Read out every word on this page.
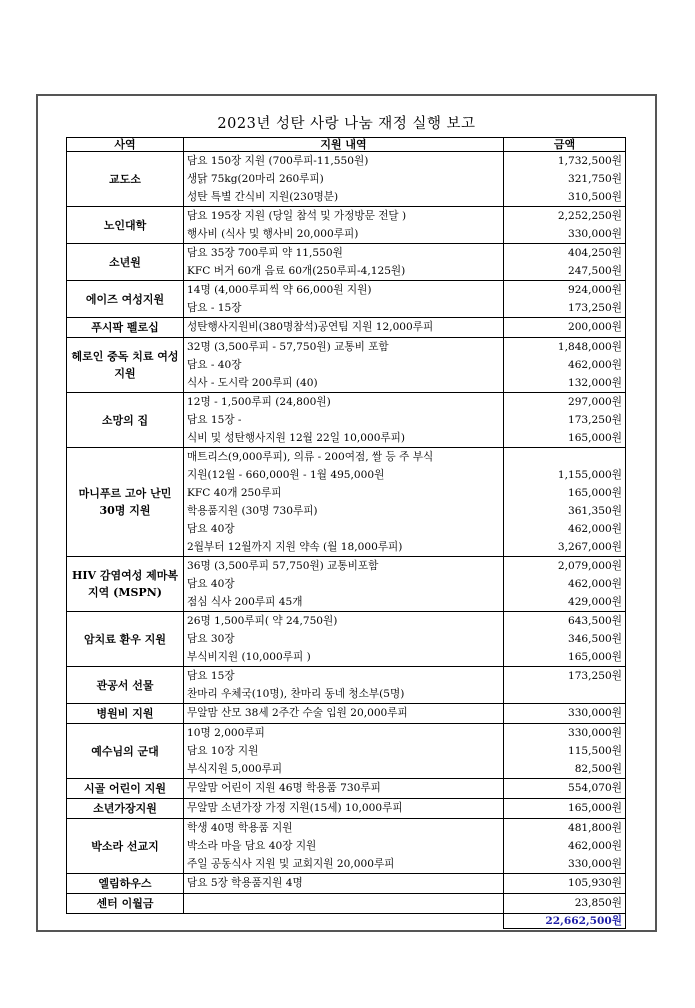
2023년 성탄 사랑 나눔 재정 실행 보고
사역	지원 내역	금액
교도소	담요 150장 지원 (700루피-11,550원)	1,732,500원
	생닭 75kg(20마리 260루피)	321,750원
	성탄 특별 간식비 지원(230명분)	310,500원
노인대학	담요 195장 지원 (당일 참석 및 가정방문 전달 )	2,252,250원
	행사비 (식사 및 행사비 20,000루피)	330,000원
소년원	담요 35장 700루피 약 11,550원	404,250원
	KFC 버거 60개 음료 60개(250루피-4,125원)	247,500원
에이즈 여성지원	14명 (4,000루피씩 약 66,000원 지원)	924,000원
	담요 - 15장	173,250원
푸시팍 펠로십	성탄행사지원비(380명참석)공연팀 지원 12,000루피	200,000원
헤로인 중독 치료 여성 지원	32명 (3,500루피 - 57,750원) 교통비 포함	1,848,000원
	담요 - 40장	462,000원
	식사 - 도시락 200루피 (40)	132,000원
소망의 집	12명 - 1,500루피 (24,800원)	297,000원
	담요 15장 -	173,250원
	식비 및 성탄행사지원 12월 22일 10,000루피)	165,000원
마니푸르 고아 난민 30명 지원	매트리스(9,000루피), 의류 - 200여점, 쌀 등 주 부식	
	지원(12월 - 660,000원 - 1월 495,000원	1,155,000원
	KFC 40개 250루피	165,000원
	학용품지원 (30명 730루피)	361,350원
	담요 40장	462,000원
	2월부터 12월까지 지원 약속 (월 18,000루피)	3,267,000원
HIV 감염여성 제마복 지역 (MSPN)	36명 (3,500루피 57,750원) 교통비포함	2,079,000원
	담요 40장	462,000원
	점심 식사 200루피 45개	429,000원
암치료 환우 지원	26명 1,500루피( 약 24,750원)	643,500원
	담요 30장	346,500원
	부식비지원 (10,000루피 )	165,000원
관공서 선물	담요 15장	173,250원
	찬마리 우체국(10명), 찬마리 동네 청소부(5명)	
병원비 지원	무알맘 산모 38세 2주간 수술 입원 20,000루피	330,000원
예수님의 군대	10명 2,000루피	330,000원
	담요 10장 지원	115,500원
	부식지원 5,000루피	82,500원
시골 어린이 지원	무알맘 어린이 지원 46명 학용품 730루피	554,070원
소년가장지원	무알맘 소년가장 가정 지원(15세) 10,000루피	165,000원
박소라 선교지	학생 40명 학용품 지원	481,800원
	박소라 마을 담요 40장 지원	462,000원
	주일 공동식사 지원 및 교회지원 20,000루피	330,000원
엘림하우스	담요 5장 학용품지원 4명	105,930원
센터 이월금		23,850원
		22,662,500원
